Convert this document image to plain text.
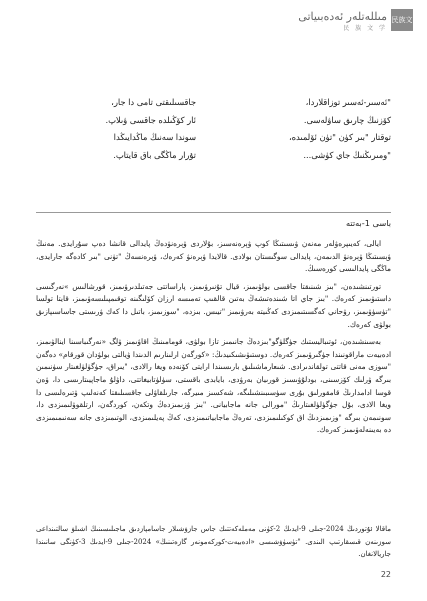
民族文学
مىللەتلەر ئەدەبىياتى
民 族 文 学
"ئەسىر-ئەسىر توزاقلاردا،
كۆزنىڭ چارىق ساۋلەسى.
توقتار "بىر كۈن "تۈن ئۆلمىدە،
"ومىرىڭنىڭ جاي كۈشى...
جاقسىلىقتى تامى دا جار،
ئار كۆڭىلدە جاقسى ۋىلاپ.
سوندا سەنىڭ ماڭدايىڭدا
تۇرار ماڭگى باق قايتاپ.
باسى 1-بەتتە

ايالى، كەيىپرەۋلەر مەنەن ۋىسىتىڭا كوپ ۋېرەنەسىز، بۇلاردى ۋېرەنۋدەڭ پايدالى قانشا دەپ سۇرايدى. مەنىڭ ۋېسىتىڭا ۋېرەنۋ الدىمەن، پايدالى سوگىستان بولادى. قالايدا ۋېرەنۋ كەرەك، ۋېرەنسەڭ "تۈنى "بىر كادەگە جارايدى، ماڭگى پايدالىسى كورەسىڭ.

تورتىنشىدەن، "بىز شىنىقتا جاقسى بولۋىمىز، قيال تۇنىرۋىمىز، پاراساتتى جەتىلدىرۋىمىز، قورشالىس »نەرگىسى داستىۋىمىز كەرەك. "بىز جاي اتا شىندەتىشەڭ بەتىن قالقىپ تەمىسە ارزان كۆلىگىنە توقىمپىلىسەۋىمىز، قايتا تولسا "تۈسۈۋىمىز، رۋحاني كەگسىتىمىزدى كەڭىيتە بەرۋىمىز "تيىس. بىزدە، "سوزىمىز، باتىل دا كەك ۋرىستى جاساسىپازىق بولۋى كەرەك.

بەسىنشىدەن، ئوتىباليستىك جۈگلۈگو"بىزدەڭ جانىمىز تازا بولۋى، قومامىنىڭ اقاۋىمىز ۋلگ «نەرگىباسىنا اينالۋىمىز، ادەبيەت ماراقونىندا جۈگىرۋىمىز كەرەك. دوستىۋىشىكىيدىڭ: «كورگەن ارلىنارىم الدىندا ۋيالتى بولۋدان قورقام» دەگەن "سوزى مەنى قاتتى تولقاندىرادى. شىعارماشىلىق بارىسىندا ارايتى كۆنەدە ويغا رالادى، "يىراق، جۈگۈلۈلغىتار سۈنىمىن بىرگە ۋرلىك كۆزسىنى، بودلۇۋىسىز قورىيان بەرۋدى، بايابدى باقستى، سۈلۈتابيغاتتى، داۋلۇ ماجاپيىتارىسى دا، ۋەن قوسا ادامدارىڭ قامقورلىق بۇرى سۈسىبىنشىلىگە، شەكسىز مىيرگە، جارىلقاۋلى جاقسىلىقتا كەنەلىپ ۋتىرەلىسى دا ويغا الادى، بۇل جۈگۈلۈلغىتارىڭ "مورالى جانە ماجابيانى. "بىز ۋزىمىزدەڭ وتكەن، كوردگەن، ارتلقوۋلىمىزدى دا، سونىمەن بىرگە "وزىمىزدىڭ اق كوكىلىمىزدى، تەرەڭ ماجابياتىمىزدى، كەڭ پەيلىمىزدى، الوتىمىزدى جانە سەنىمىمىزدى دە بەيىنەلەۋىمىز كەرەك.

ماقالا ئۇتوردىڭ 2024-جىلى 9-ايدىڭ 2-كۈنى مەملەكەتتىك جاس جازۋشىلار جاسامپازدىق ماجىلىسىنىڭ اشىلۋ سالتىنداعى سوزىنەن قىسقارتىپ الىندى. "تۈسۈۋشىسى «ادەبيەت-كوركەمونەر گازەتىنىڭ» 2024-جىلى 9-ايدىڭ 3-كۈنگى سانىندا جاريالانغان.
22
